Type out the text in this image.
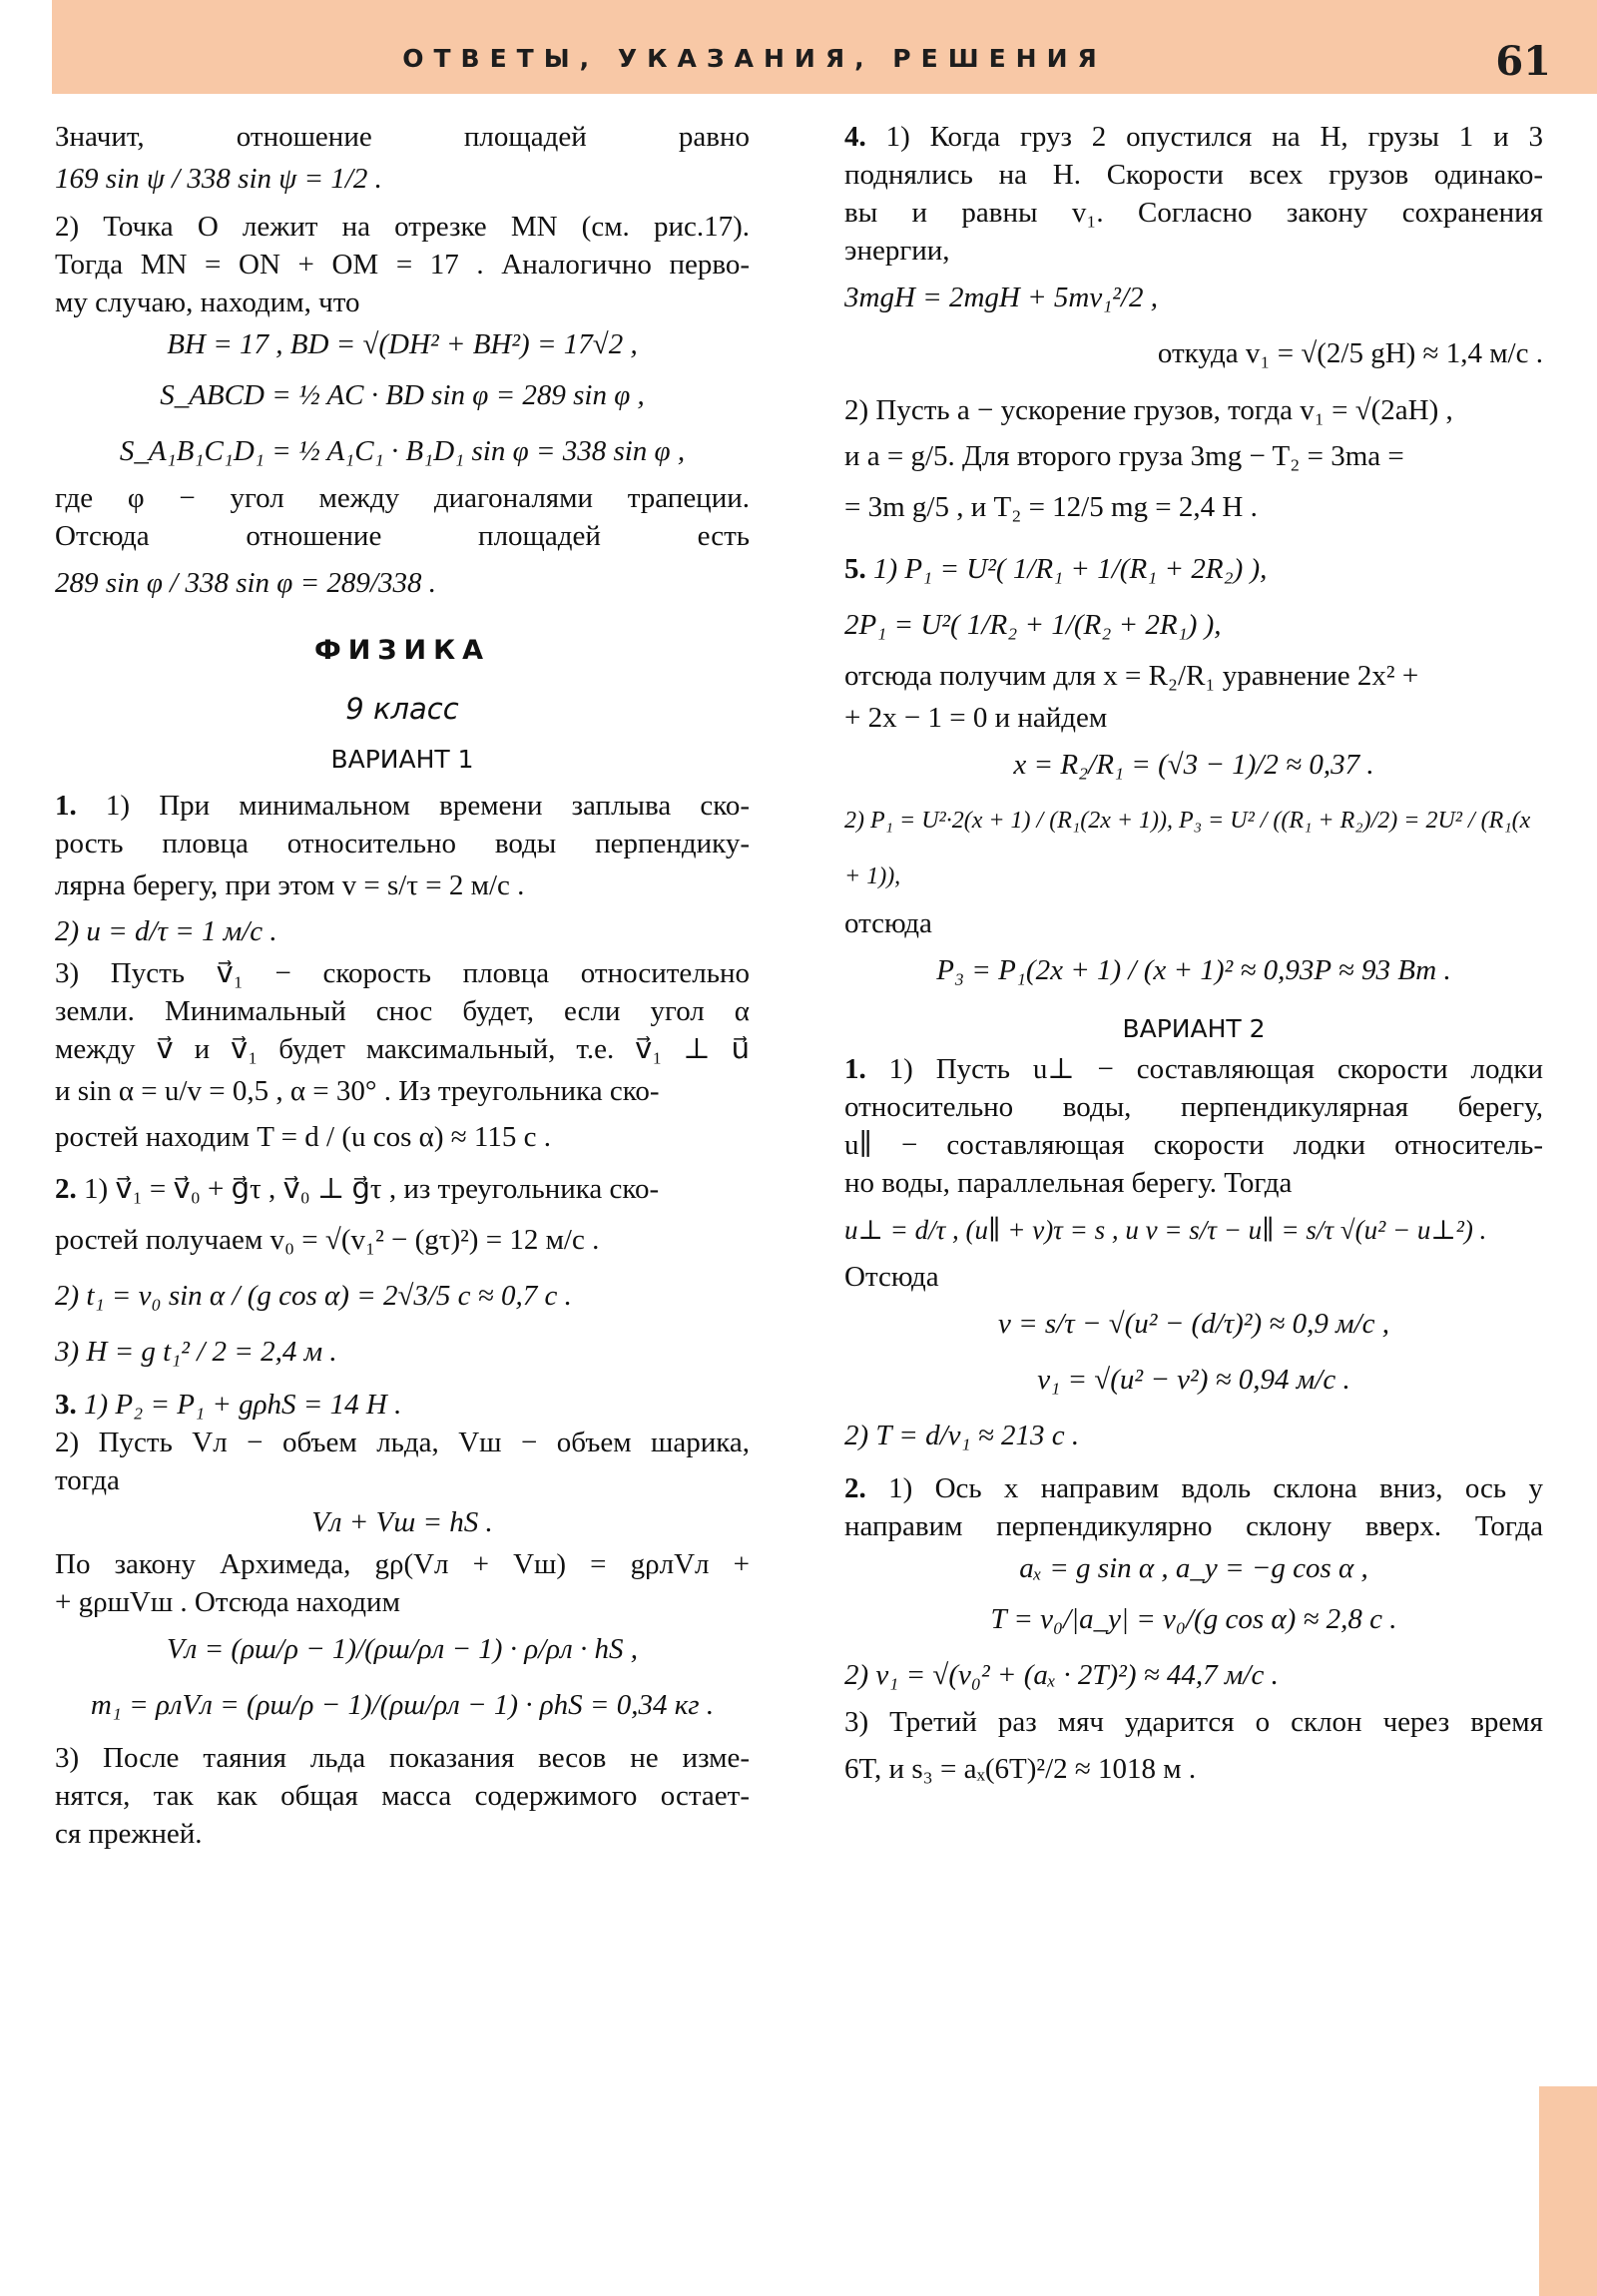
ОТВЕТЫ, УКАЗАНИЯ, РЕШЕНИЯ	61

Значит, отношение площадей равно

169 sin ψ / 338 sin ψ = 1/2 .

2) Точка O лежит на отрезке MN (см. рис.17).

Тогда MN = ON + OM = 17 . Аналогично перво-

му случаю, находим, что

BH = 17 , BD = √(DH² + BH²) = 17√2 ,

S_ABCD = ½ AC · BD sin φ = 289 sin φ ,

S_A₁B₁C₁D₁ = ½ A₁C₁ · B₁D₁ sin φ = 338 sin φ ,

где φ − угол между диагоналями трапеции.

Отсюда отношение площадей есть

289 sin φ / 338 sin φ = 289/338 .

ФИЗИКА
9 класс
ВАРИАНТ 1

1. 1) При минимальном времени заплыва ско-

рость пловца относительно воды перпендику-

лярна берегу, при этом v = s/τ = 2 м/с .

2) u = d/τ = 1 м/с .

3) Пусть v⃗₁ − скорость пловца относительно

земли. Минимальный снос будет, если угол α

между v⃗ и v⃗₁ будет максимальный, т.е. v⃗₁ ⊥ u⃗

и sin α = u/v = 0,5 , α = 30° . Из треугольника ско-

ростей находим T = d / (u cos α) ≈ 115 с .

2. 1) v⃗₁ = v⃗₀ + g⃗τ , v⃗₀ ⊥ g⃗τ , из треугольника ско-

ростей получаем v₀ = √(v₁² − (gτ)²) = 12 м/с .

2) t₁ = v₀ sin α / (g cos α) = 2√3/5 с ≈ 0,7 с .

3) H = g t₁² / 2 = 2,4 м .

3. 1) P₂ = P₁ + gρhS = 14 Н .

2) Пусть Vл − объем льда, Vш − объем шарика,

тогда

Vл + Vш = hS .

По закону Архимеда, gρ(Vл + Vш) = gρлVл +

+ gρшVш . Отсюда находим

Vл = (ρш/ρ − 1)/(ρш/ρл − 1) · ρ/ρл · hS ,

m₁ = ρлVл = (ρш/ρ − 1)/(ρш/ρл − 1) · ρhS = 0,34 кг .

3) После таяния льда показания весов не изме-

нятся, так как общая масса содержимого остает-

ся прежней.

4. 1) Когда груз 2 опустился на H, грузы 1 и 3

поднялись на H. Скорости всех грузов одинако-

вы и равны v₁. Согласно закону сохранения

энергии,

3mgH = 2mgH + 5mv₁²/2 ,

откуда v₁ = √(2/5 gH) ≈ 1,4 м/с .

2) Пусть a − ускорение грузов, тогда v₁ = √(2aH) ,

и a = g/5. Для второго груза 3mg − T₂ = 3ma =

= 3m g/5 , и T₂ = 12/5 mg = 2,4 Н .

5. 1) P₁ = U²( 1/R₁ + 1/(R₁ + 2R₂) ),

2P₁ = U²( 1/R₂ + 1/(R₂ + 2R₁) ),

отсюда получим для x = R₂/R₁ уравнение 2x² +

+ 2x − 1 = 0 и найдем

x = R₂/R₁ = (√3 − 1)/2 ≈ 0,37 .

2) P₁ = U²·2(x + 1) / (R₁(2x + 1)), P₃ = U² / ((R₁ + R₂)/2) = 2U² / (R₁(x + 1)),

отсюда

P₃ = P₁(2x + 1) / (x + 1)² ≈ 0,93P ≈ 93 Вт .

ВАРИАНТ 2

1. 1) Пусть u⊥ − составляющая скорости лодки

относительно воды, перпендикулярная берегу,

u∥ − составляющая скорости лодки относитель-

но воды, параллельная берегу. Тогда

u⊥ = d/τ , (u∥ + v)τ = s , и v = s/τ − u∥ = s/τ √(u² − u⊥²) .

Отсюда

v = s/τ − √(u² − (d/τ)²) ≈ 0,9 м/с ,

v₁ = √(u² − v²) ≈ 0,94 м/с .

2) T = d/v₁ ≈ 213 с .

2. 1) Ось x направим вдоль склона вниз, ось y

направим перпендикулярно склону вверх. Тогда

aₓ = g sin α , a_y = −g cos α ,

T = v₀/|a_y| = v₀/(g cos α) ≈ 2,8 с .

2) v₁ = √(v₀² + (aₓ · 2T)²) ≈ 44,7 м/с .

3) Третий раз мяч ударится о склон через время

6T, и s₃ = aₓ(6T)²/2 ≈ 1018 м .
